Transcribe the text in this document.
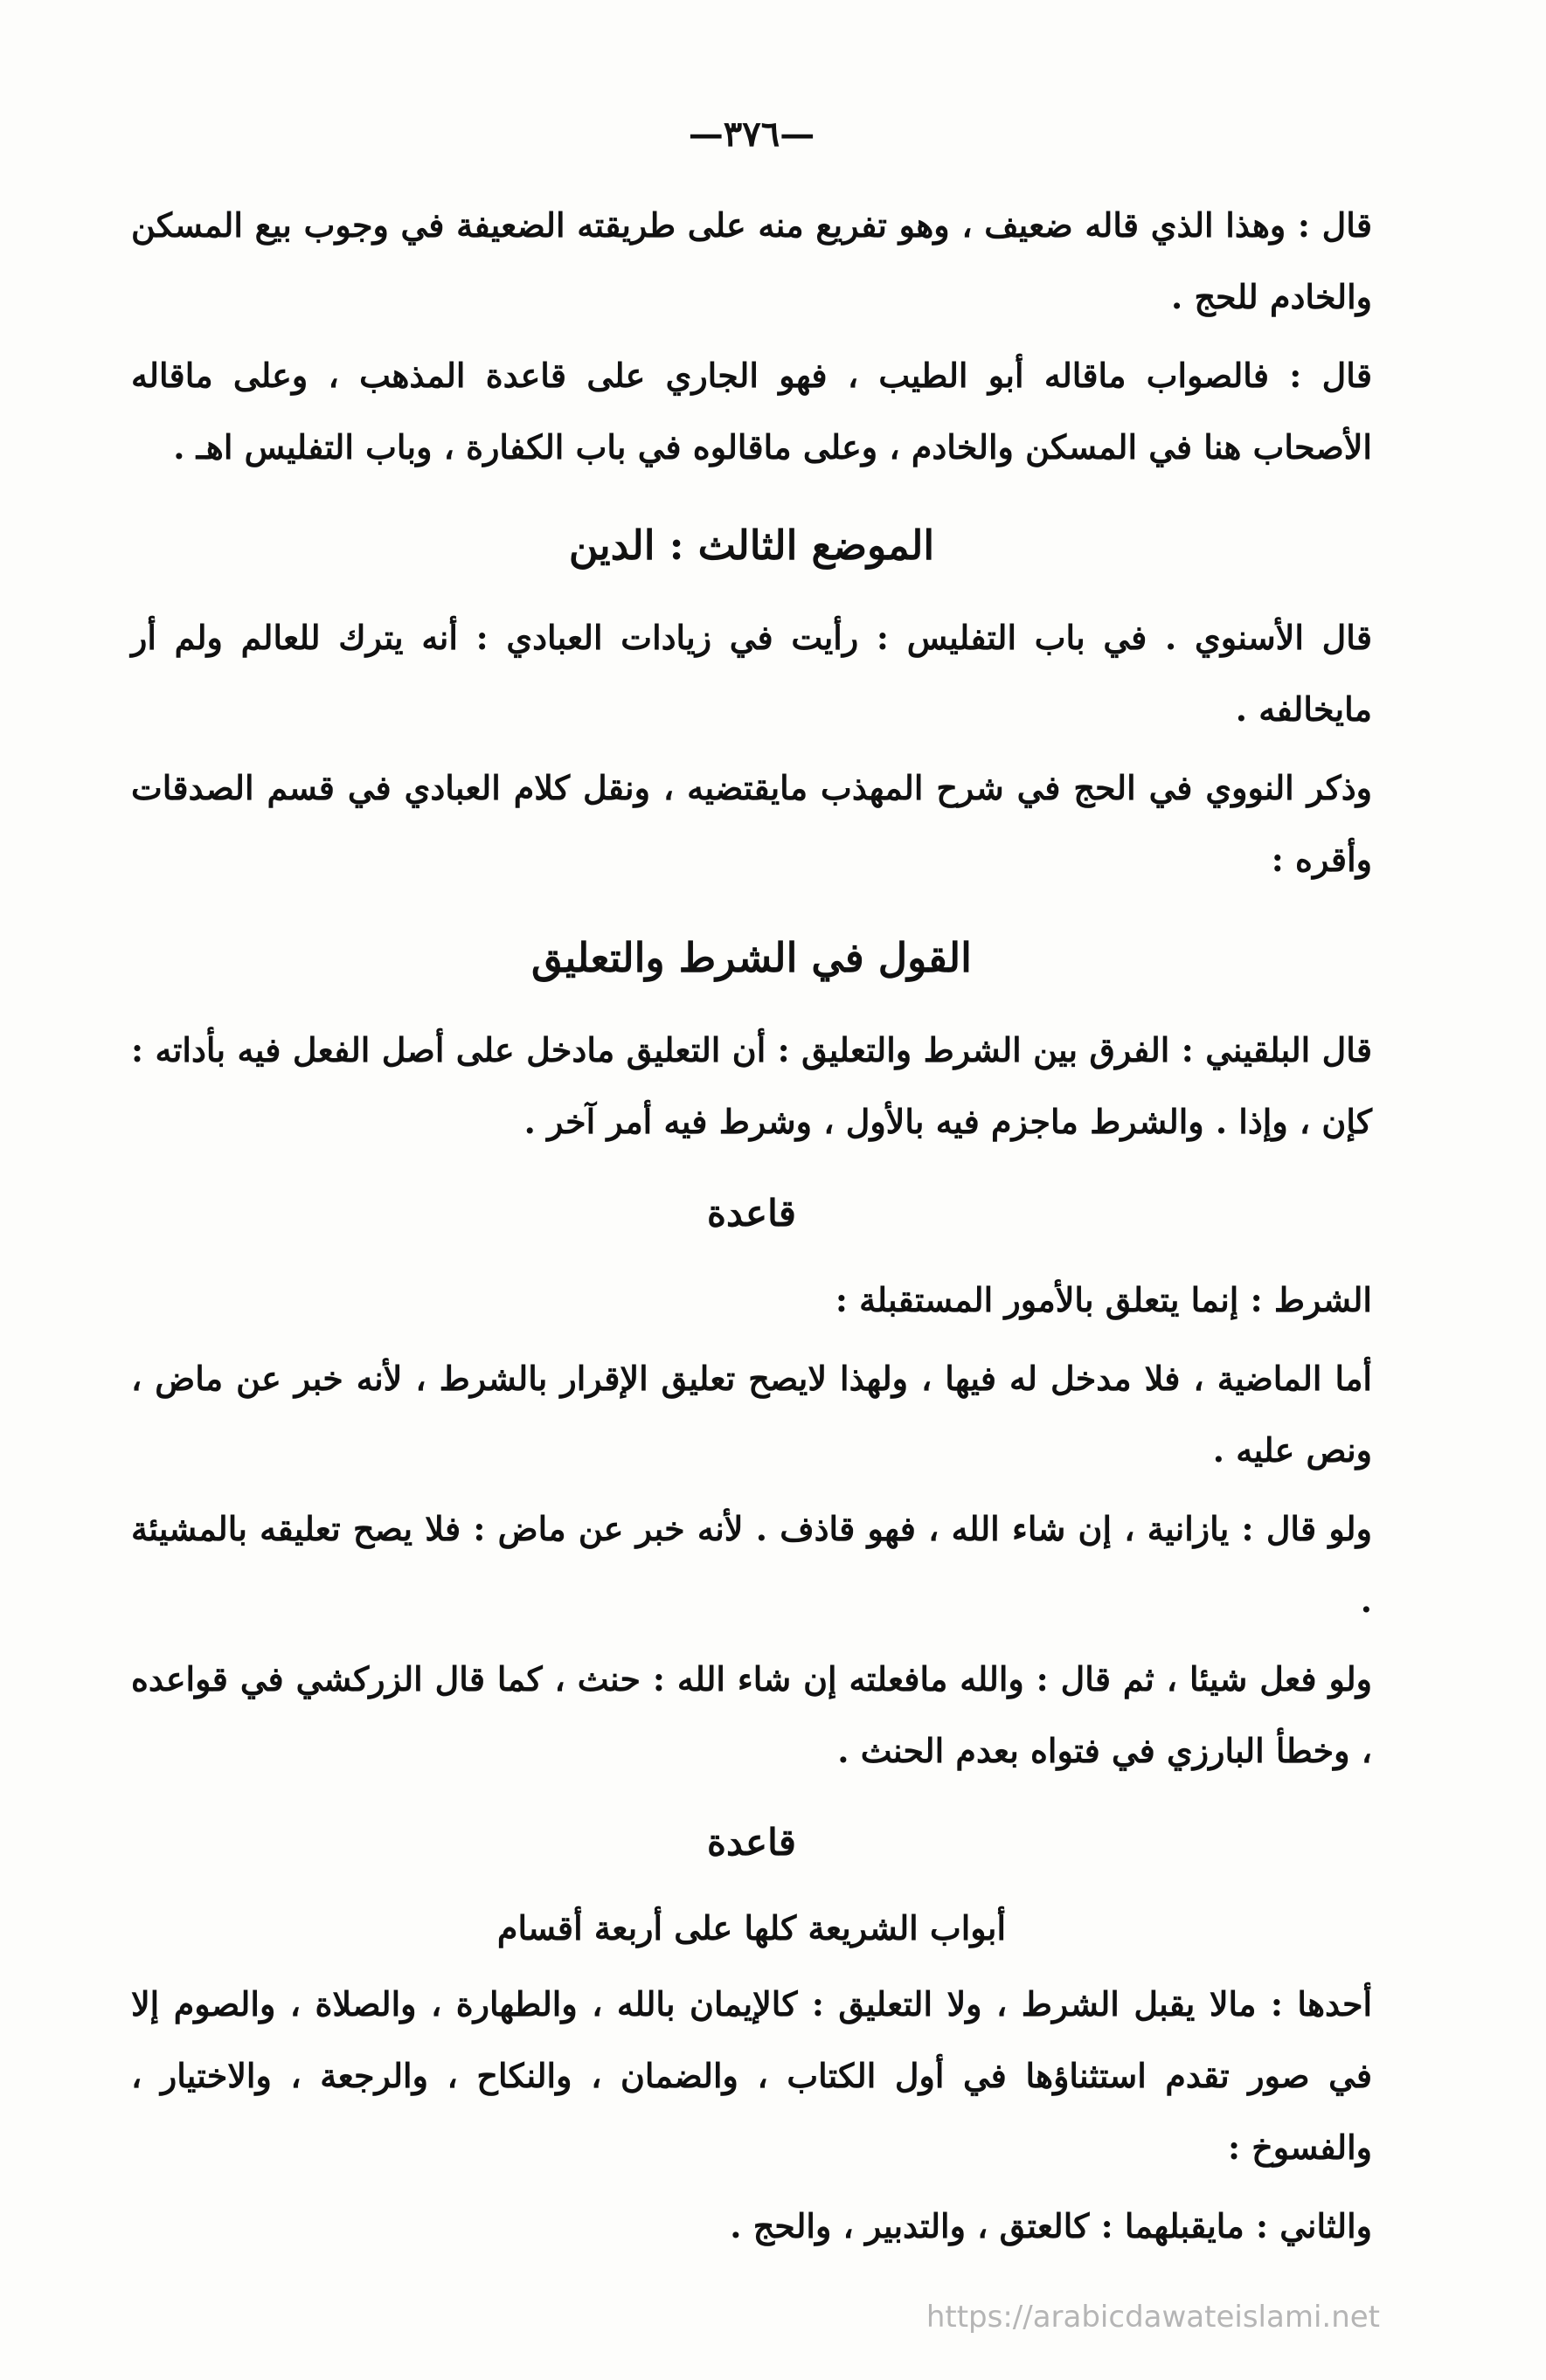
—٣٧٦—

قال : وهذا الذي قاله ضعيف ، وهو تفريع منه على طريقته الضعيفة في وجوب بيع المسكن والخادم للحج .

قال : فالصواب ماقاله أبو الطيب ، فهو الجاري على قاعدة المذهب ، وعلى ماقاله الأصحاب هنا في المسكن والخادم ، وعلى ماقالوه في باب الكفارة ، وباب التفليس اهـ .

الموضع الثالث : الدين

قال الأسنوي . في باب التفليس : رأيت في زيادات العبادي : أنه يترك للعالم ولم أر مايخالفه .

وذكر النووي في الحج في شرح المهذب مايقتضيه ، ونقل كلام العبادي في قسم الصدقات وأقره :

القول في الشرط والتعليق

قال البلقيني : الفرق بين الشرط والتعليق : أن التعليق مادخل على أصل الفعل فيه بأداته : كإن ، وإذا . والشرط ماجزم فيه بالأول ، وشرط فيه أمر آخر .

قاعدة

الشرط : إنما يتعلق بالأمور المستقبلة :

أما الماضية ، فلا مدخل له فيها ، ولهذا لايصح تعليق الإقرار بالشرط ، لأنه خبر عن ماض ، ونص عليه .

ولو قال : يازانية ، إن شاء الله ، فهو قاذف . لأنه خبر عن ماض : فلا يصح تعليقه بالمشيئة .

ولو فعل شيئا ، ثم قال : والله مافعلته إن شاء الله : حنث ، كما قال الزركشي في قواعده ، وخطأ البارزي في فتواه بعدم الحنث .

قاعدة
أبواب الشريعة كلها على أربعة أقسام

أحدها : مالا يقبل الشرط ، ولا التعليق : كالإيمان بالله ، والطهارة ، والصلاة ، والصوم إلا في صور تقدم استثناؤها في أول الكتاب ، والضمان ، والنكاح ، والرجعة ، والاختيار ، والفسوخ :

والثاني : مايقبلهما : كالعتق ، والتدبير ، والحج .

https://arabicdawateislami.net
